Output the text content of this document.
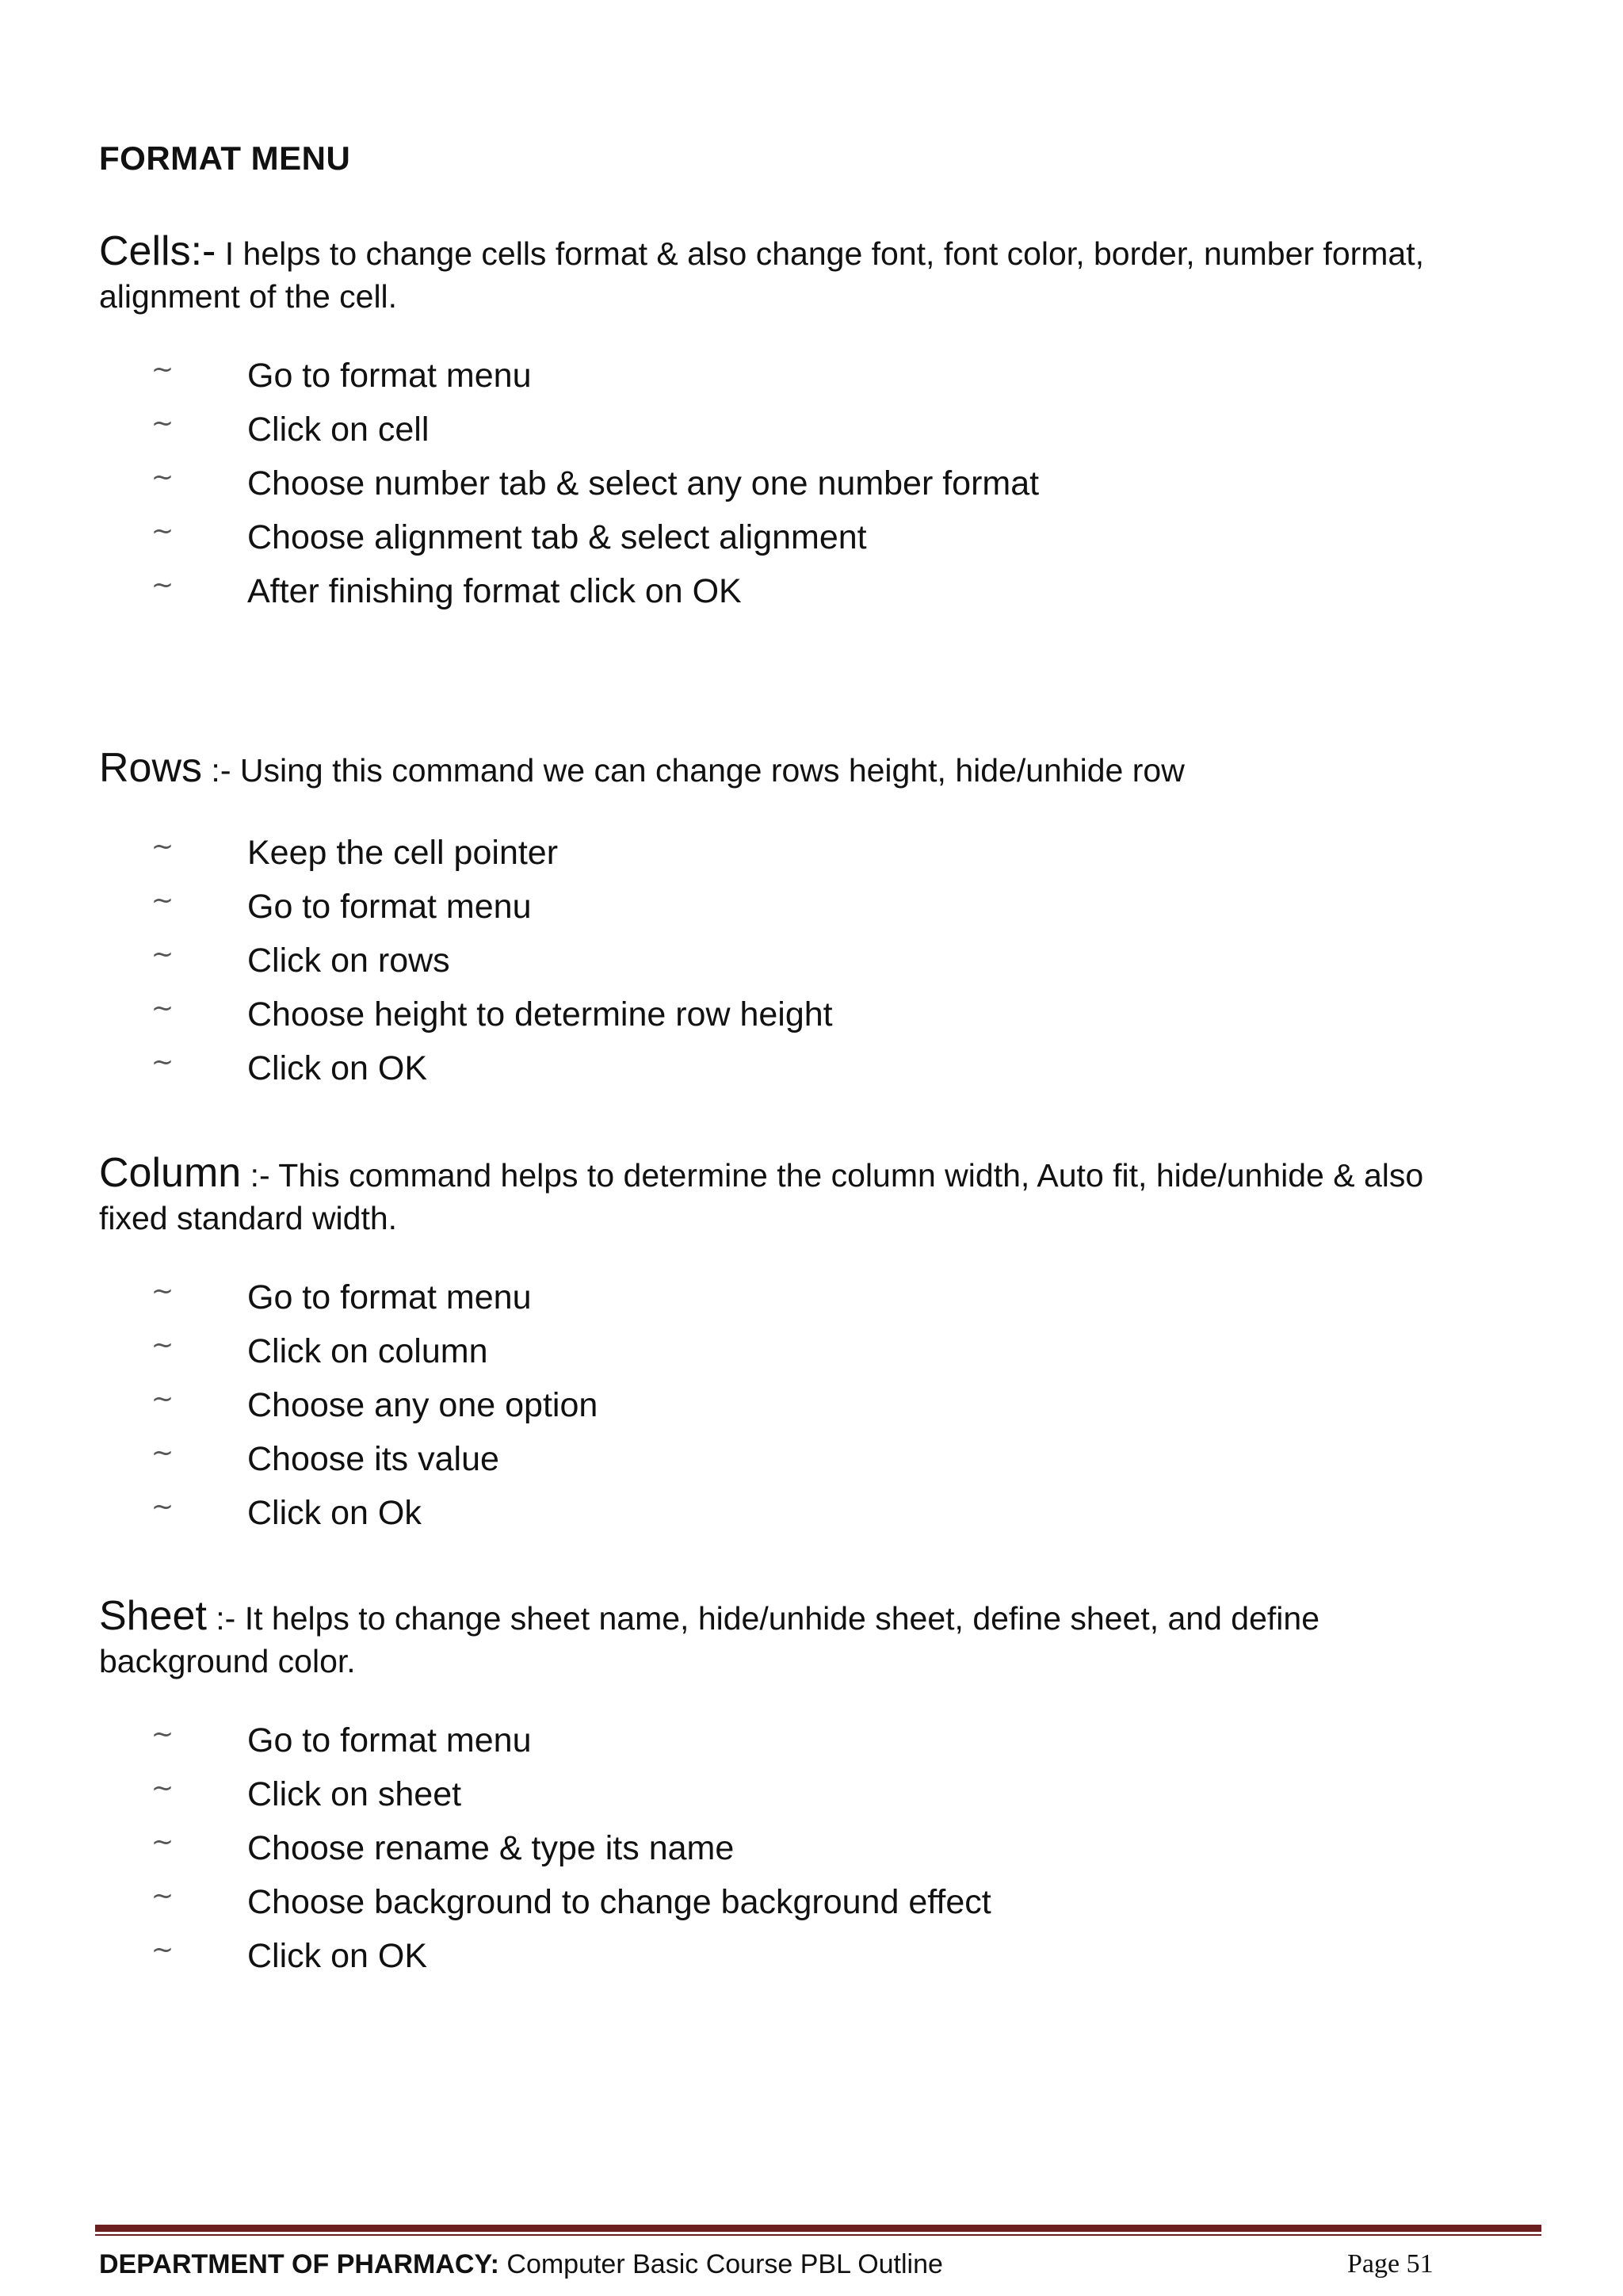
FORMAT MENU

Cells:- I helps to change cells format & also change font, font color, border, number format, alignment of the cell.

~ Go to format menu
~ Click on cell
~ Choose number tab & select any one number format
~ Choose alignment tab & select alignment
~ After finishing format click on OK

Rows :- Using this command we can change rows height, hide/unhide row

~ Keep the cell pointer
~ Go to format menu
~ Click on rows
~ Choose height to determine row height
~ Click on OK

Column :- This command helps to determine the column width, Auto fit, hide/unhide & also fixed standard width.

~ Go to format menu
~ Click on column
~ Choose any one option
~ Choose its value
~ Click on Ok

Sheet :- It helps to change sheet name, hide/unhide sheet, define sheet, and define background color.

~ Go to format menu
~ Click on sheet
~ Choose rename & type its name
~ Choose background to change background effect
~ Click on OK
DEPARTMENT OF PHARMACY: Computer Basic Course PBL Outline	Page 51
